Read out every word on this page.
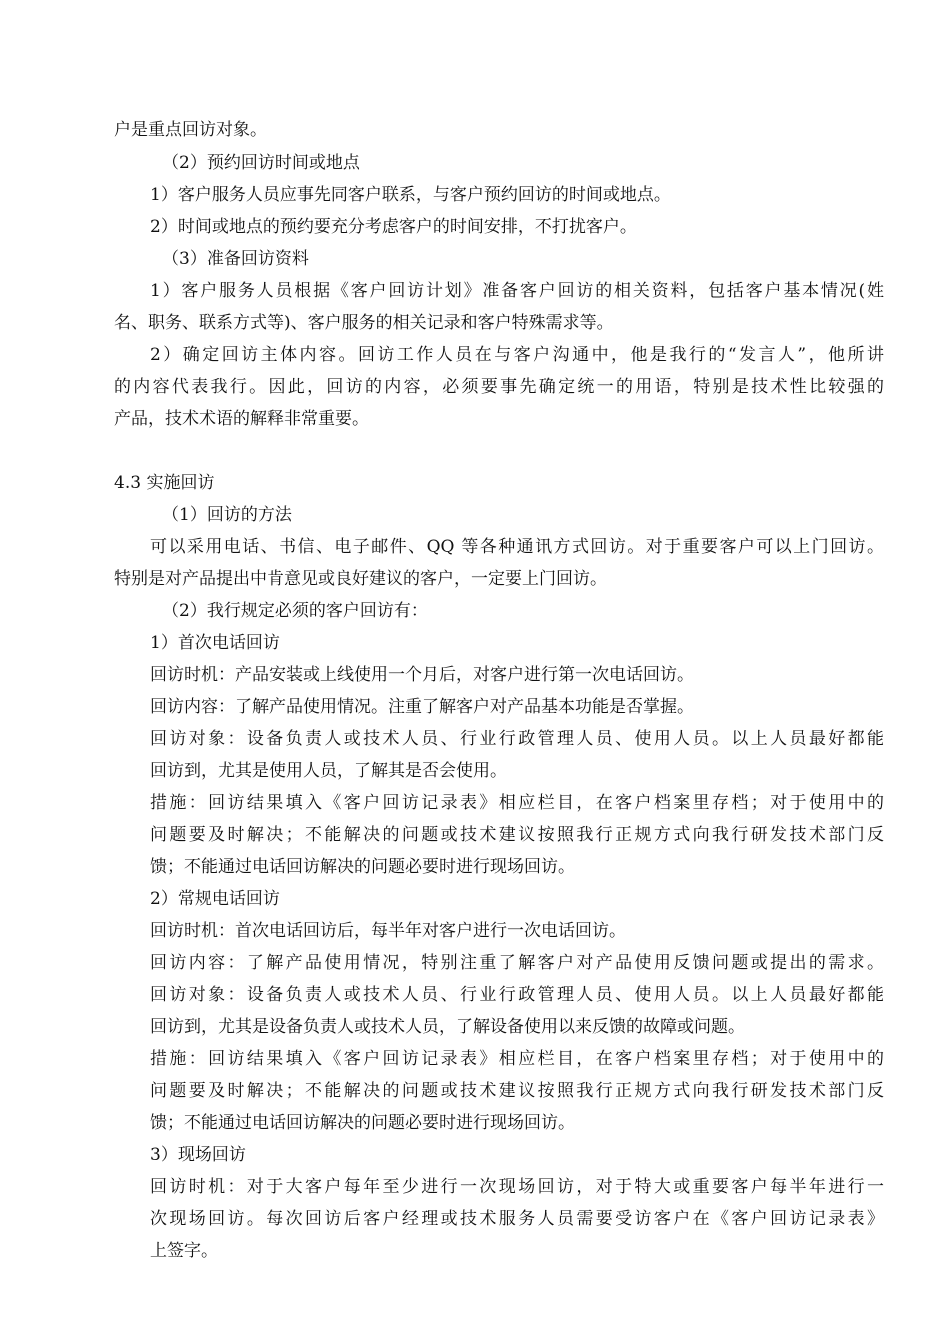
户是重点回访对象。
（2）预约回访时间或地点
1）客户服务人员应事先同客户联系，与客户预约回访的时间或地点。
2）时间或地点的预约要充分考虑客户的时间安排，不打扰客户。
（3）准备回访资料
1）客户服务人员根据《客户回访计划》准备客户回访的相关资料，包括客户基本情况(姓
名、职务、联系方式等)、客户服务的相关记录和客户特殊需求等。
2）确定回访主体内容。回访工作人员在与客户沟通中，他是我行的“发言人”，他所讲
的内容代表我行。因此，回访的内容，必须要事先确定统一的用语，特别是技术性比较强的
产品，技术术语的解释非常重要。
4.3 实施回访
（1）回访的方法
可以采用电话、书信、电子邮件、QQ 等各种通讯方式回访。对于重要客户可以上门回访。
特别是对产品提出中肯意见或良好建议的客户，一定要上门回访。
（2）我行规定必须的客户回访有：
1）首次电话回访
回访时机：产品安装或上线使用一个月后，对客户进行第一次电话回访。
回访内容：了解产品使用情况。注重了解客户对产品基本功能是否掌握。
回访对象：设备负责人或技术人员、行业行政管理人员、使用人员。以上人员最好都能
回访到，尤其是使用人员，了解其是否会使用。
措施：回访结果填入《客户回访记录表》相应栏目，在客户档案里存档；对于使用中的
问题要及时解决；不能解决的问题或技术建议按照我行正规方式向我行研发技术部门反
馈；不能通过电话回访解决的问题必要时进行现场回访。
2）常规电话回访
回访时机：首次电话回访后，每半年对客户进行一次电话回访。
回访内容：了解产品使用情况，特别注重了解客户对产品使用反馈问题或提出的需求。
回访对象：设备负责人或技术人员、行业行政管理人员、使用人员。以上人员最好都能
回访到，尤其是设备负责人或技术人员，了解设备使用以来反馈的故障或问题。
措施：回访结果填入《客户回访记录表》相应栏目，在客户档案里存档；对于使用中的
问题要及时解决；不能解决的问题或技术建议按照我行正规方式向我行研发技术部门反
馈；不能通过电话回访解决的问题必要时进行现场回访。
3）现场回访
回访时机：对于大客户每年至少进行一次现场回访，对于特大或重要客户每半年进行一
次现场回访。每次回访后客户经理或技术服务人员需要受访客户在《客户回访记录表》
上签字。
